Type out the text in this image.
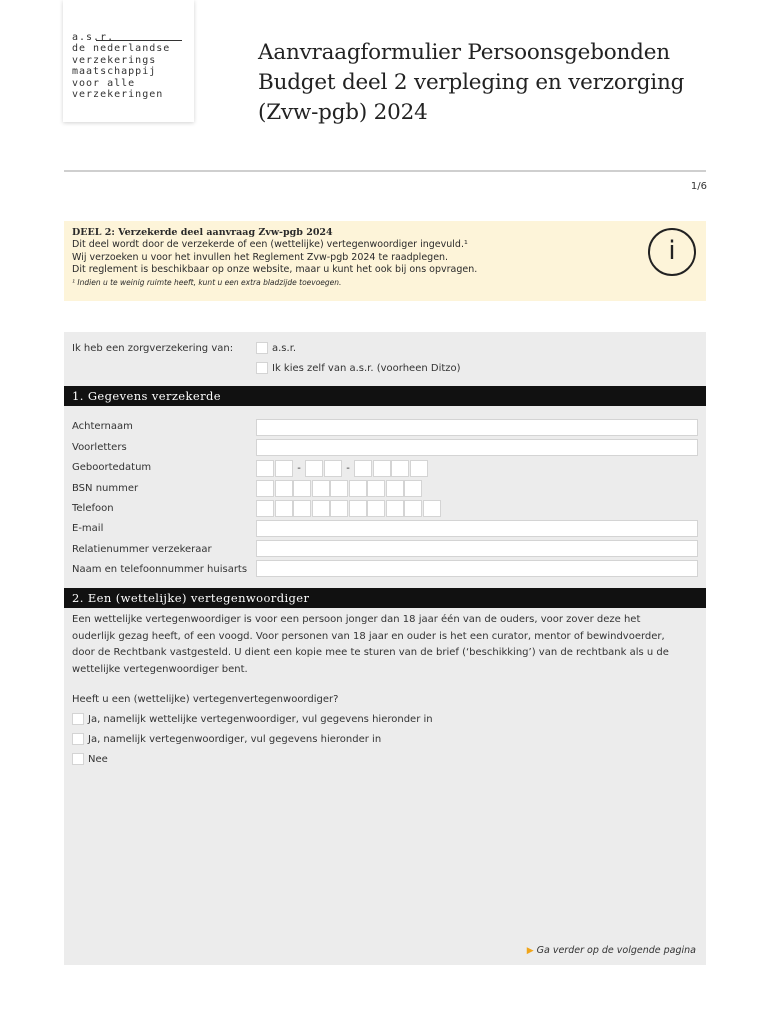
a.s.r.
de nederlandse
verzekerings
maatschappij
voor alle
verzekeringen
Aanvraagformulier Persoonsgebonden
Budget deel 2 verpleging en verzorging
(Zvw-pgb) 2024
1/6
DEEL 2: Verzekerde deel aanvraag Zvw-pgb 2024
Dit deel wordt door de verzekerde of een (wettelijke) vertegenwoordiger ingevuld.¹
Wij verzoeken u voor het invullen het Reglement Zvw-pgb 2024 te raadplegen.
Dit reglement is beschikbaar op onze website, maar u kunt het ook bij ons opvragen.
¹ Indien u te weinig ruimte heeft, kunt u een extra bladzijde toevoegen.
i
Ik heb een zorgverzekering van:	a.s.r.
Ik kies zelf van a.s.r. (voorheen Ditzo)
1. Gegevens verzekerde
Achternaam
Voorletters
Geboortedatum	-	-
BSN nummer
Telefoon
E-mail
Relatienummer verzekeraar
Naam en telefoonnummer huisarts
2. Een (wettelijke) vertegenwoordiger
Een wettelijke vertegenwoordiger is voor een persoon jonger dan 18 jaar één van de ouders, voor zover deze het
ouderlijk gezag heeft, of een voogd. Voor personen van 18 jaar en ouder is het een curator, mentor of bewindvoerder,
door de Rechtbank vastgesteld. U dient een kopie mee te sturen van de brief (‘beschikking’) van de rechtbank als u de
wettelijke vertegenwoordiger bent.
Heeft u een (wettelijke) vertegenvertegenwoordiger?
Ja, namelijk wettelijke vertegenwoordiger, vul gegevens hieronder in
Ja, namelijk vertegenwoordiger, vul gegevens hieronder in
Nee
▶ Ga verder op de volgende pagina
